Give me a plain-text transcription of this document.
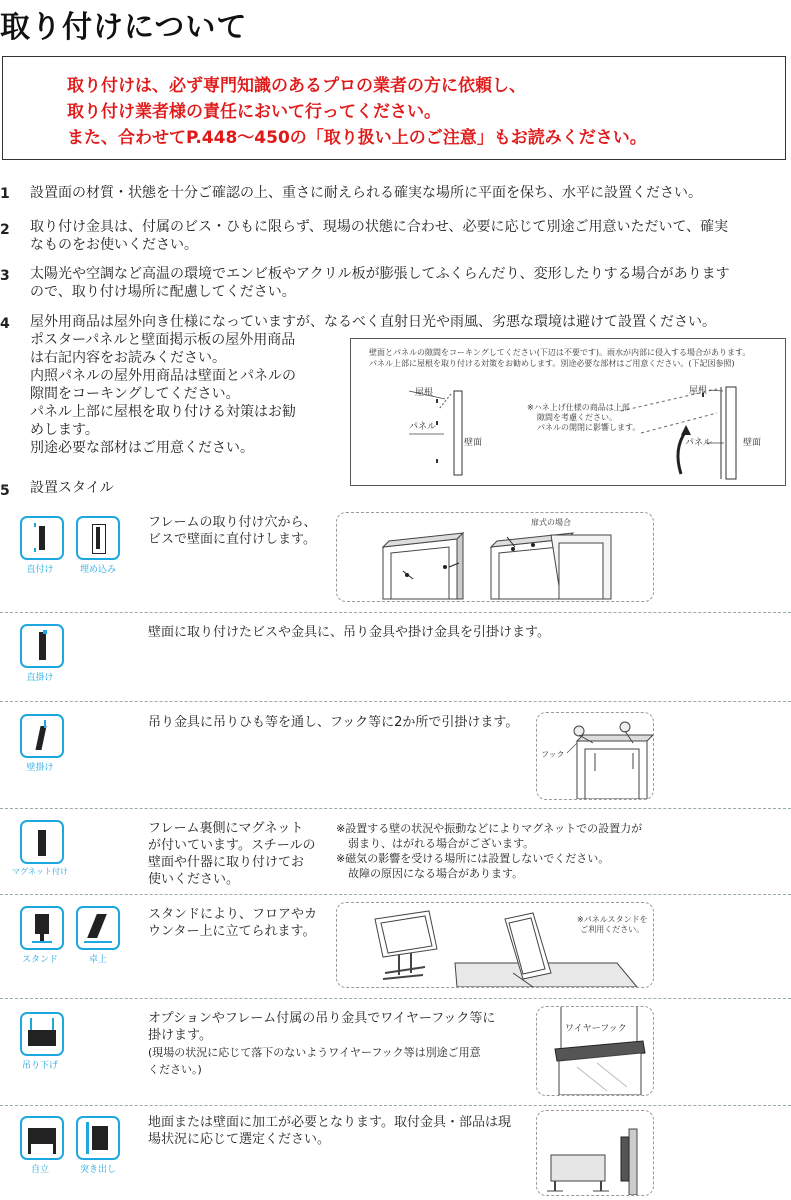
取り付けについて
取り付けは、必ず専門知識のあるプロの業者の方に依頼し、
取り付け業者様の責任において行ってください。
また、合わせてP.448～450の「取り扱い上のご注意」もお読みください。
1 設置面の材質・状態を十分ご確認の上、重さに耐えられる確実な場所に平面を保ち、水平に設置ください。
2 取り付け金具は、付属のビス・ひもに限らず、現場の状態に合わせ、必要に応じて別途ご用意いただいて、確実
なものをお使いください。
3 太陽光や空調など高温の環境でエンビ板やアクリル板が膨張してふくらんだり、変形したりする場合があります
ので、取り付け場所に配慮してください。
4 屋外用商品は屋外向き仕様になっていますが、なるべく直射日光や雨風、劣悪な環境は避けて設置ください。
ポスターパネルと壁面掲示板の屋外用商品
は右記内容をお読みください。
内照パネルの屋外用商品は壁面とパネルの
隙間をコーキングしてください。
パネル上部に屋根を取り付ける対策はお勧
めします。
別途必要な部材はご用意ください。
壁面とパネルの隙間をコーキングしてください(下辺は不要です)。雨水が内部に侵入する場合があります。
パネル上部に屋根を取り付ける対策をお勧めします。別途必要な部材はご用意ください。(下記図参照)
屋根
パネル
壁面
屋根
パネル	壁面
※ハネ上げ仕様の商品は上部
隙間を考慮ください。
パネルの開閉に影響します。
5 設置スタイル
直付け	埋め込み
フレームの取り付け穴から、
ビスで壁面に直付けします。
扉式の場合
直掛け
壁面に取り付けたビスや金具に、吊り金具や掛け金具を引掛けます。
壁掛け
吊り金具に吊りひも等を通し、フック等に2か所で引掛けます。
フック
マグネット付け
フレーム裏側にマグネット
が付いています。スチールの
壁面や什器に取り付けてお
使いください。
※設置する壁の状況や振動などによりマグネットでの設置力が
弱まり、はがれる場合がございます。
※磁気の影響を受ける場所には設置しないでください。
故障の原因になる場合があります。
スタンド	卓上
スタンドにより、フロアやカ
ウンター上に立てられます。
※パネルスタンドを
ご利用ください。
吊り下げ
オプションやフレーム付属の吊り金具でワイヤーフック等に
掛けます。
(現場の状況に応じて落下のないようワイヤーフック等は別途ご用意
ください。)
ワイヤーフック
自立	突き出し
地面または壁面に加工が必要となります。取付金具・部品は現
場状況に応じて選定ください。
